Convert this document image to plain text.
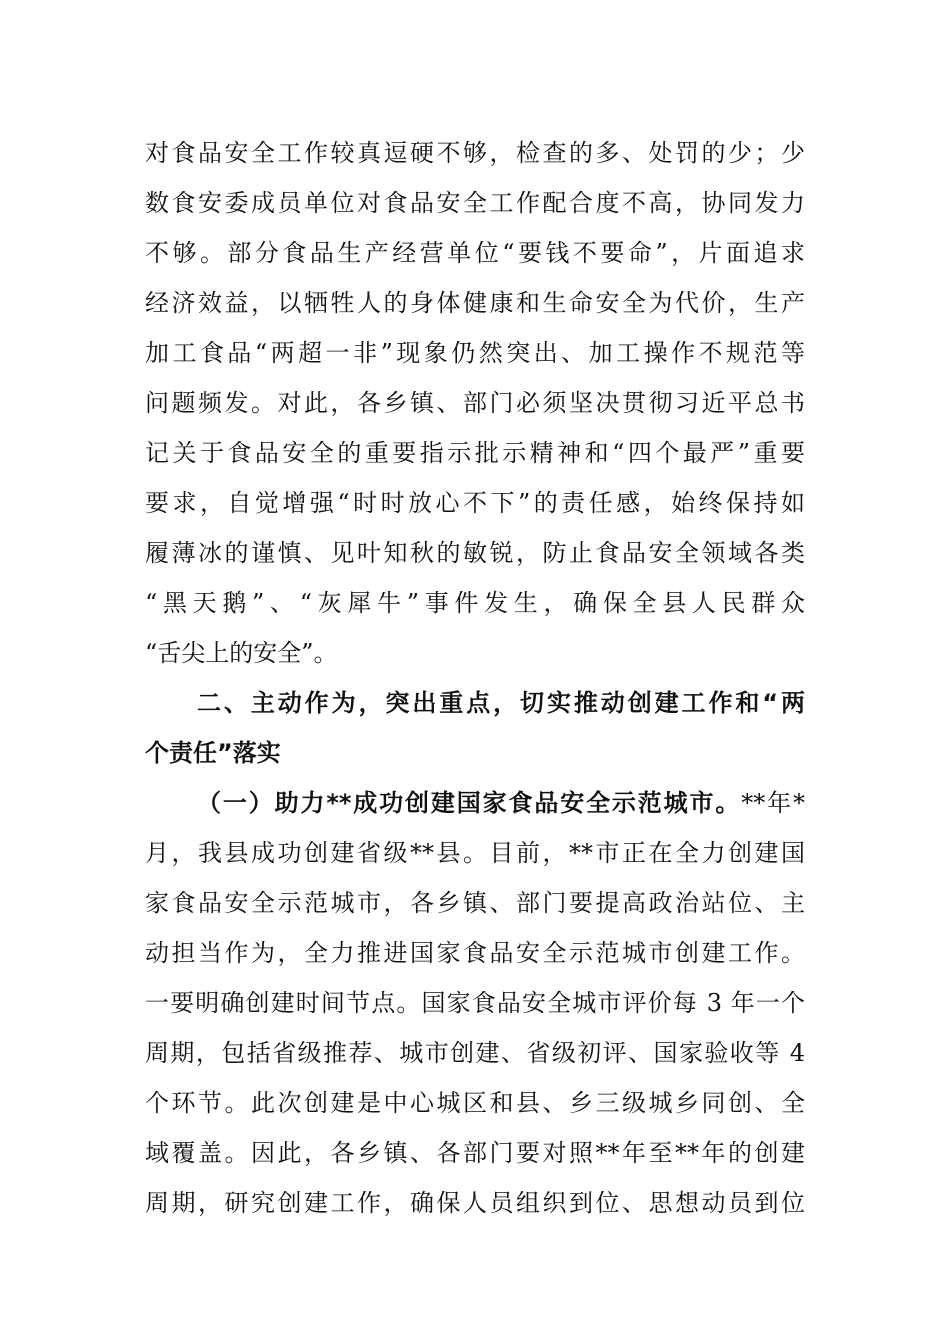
对食品安全工作较真逗硬不够，检查的多、处罚的少；少
数食安委成员单位对食品安全工作配合度不高，协同发力
不够。部分食品生产经营单位“要钱不要命”，片面追求
经济效益，以牺牲人的身体健康和生命安全为代价，生产
加工食品“两超一非”现象仍然突出、加工操作不规范等
问题频发。对此，各乡镇、部门必须坚决贯彻习近平总书
记关于食品安全的重要指示批示精神和“四个最严”重要
要求，自觉增强“时时放心不下”的责任感，始终保持如
履薄冰的谨慎、见叶知秋的敏锐，防止食品安全领域各类
“黑天鹅”、“灰犀牛”事件发生，确保全县人民群众
“舌尖上的安全”。
二、主动作为，突出重点，切实推动创建工作和“两
个责任”落实
（一）助力**成功创建国家食品安全示范城市。**年*
月，我县成功创建省级**县。目前，**市正在全力创建国
家食品安全示范城市，各乡镇、部门要提高政治站位、主
动担当作为，全力推进国家食品安全示范城市创建工作。
一要明确创建时间节点。国家食品安全城市评价每 3 年一个
周期，包括省级推荐、城市创建、省级初评、国家验收等 4
个环节。此次创建是中心城区和县、乡三级城乡同创、全
域覆盖。因此，各乡镇、各部门要对照**年至**年的创建
周期，研究创建工作，确保人员组织到位、思想动员到位
